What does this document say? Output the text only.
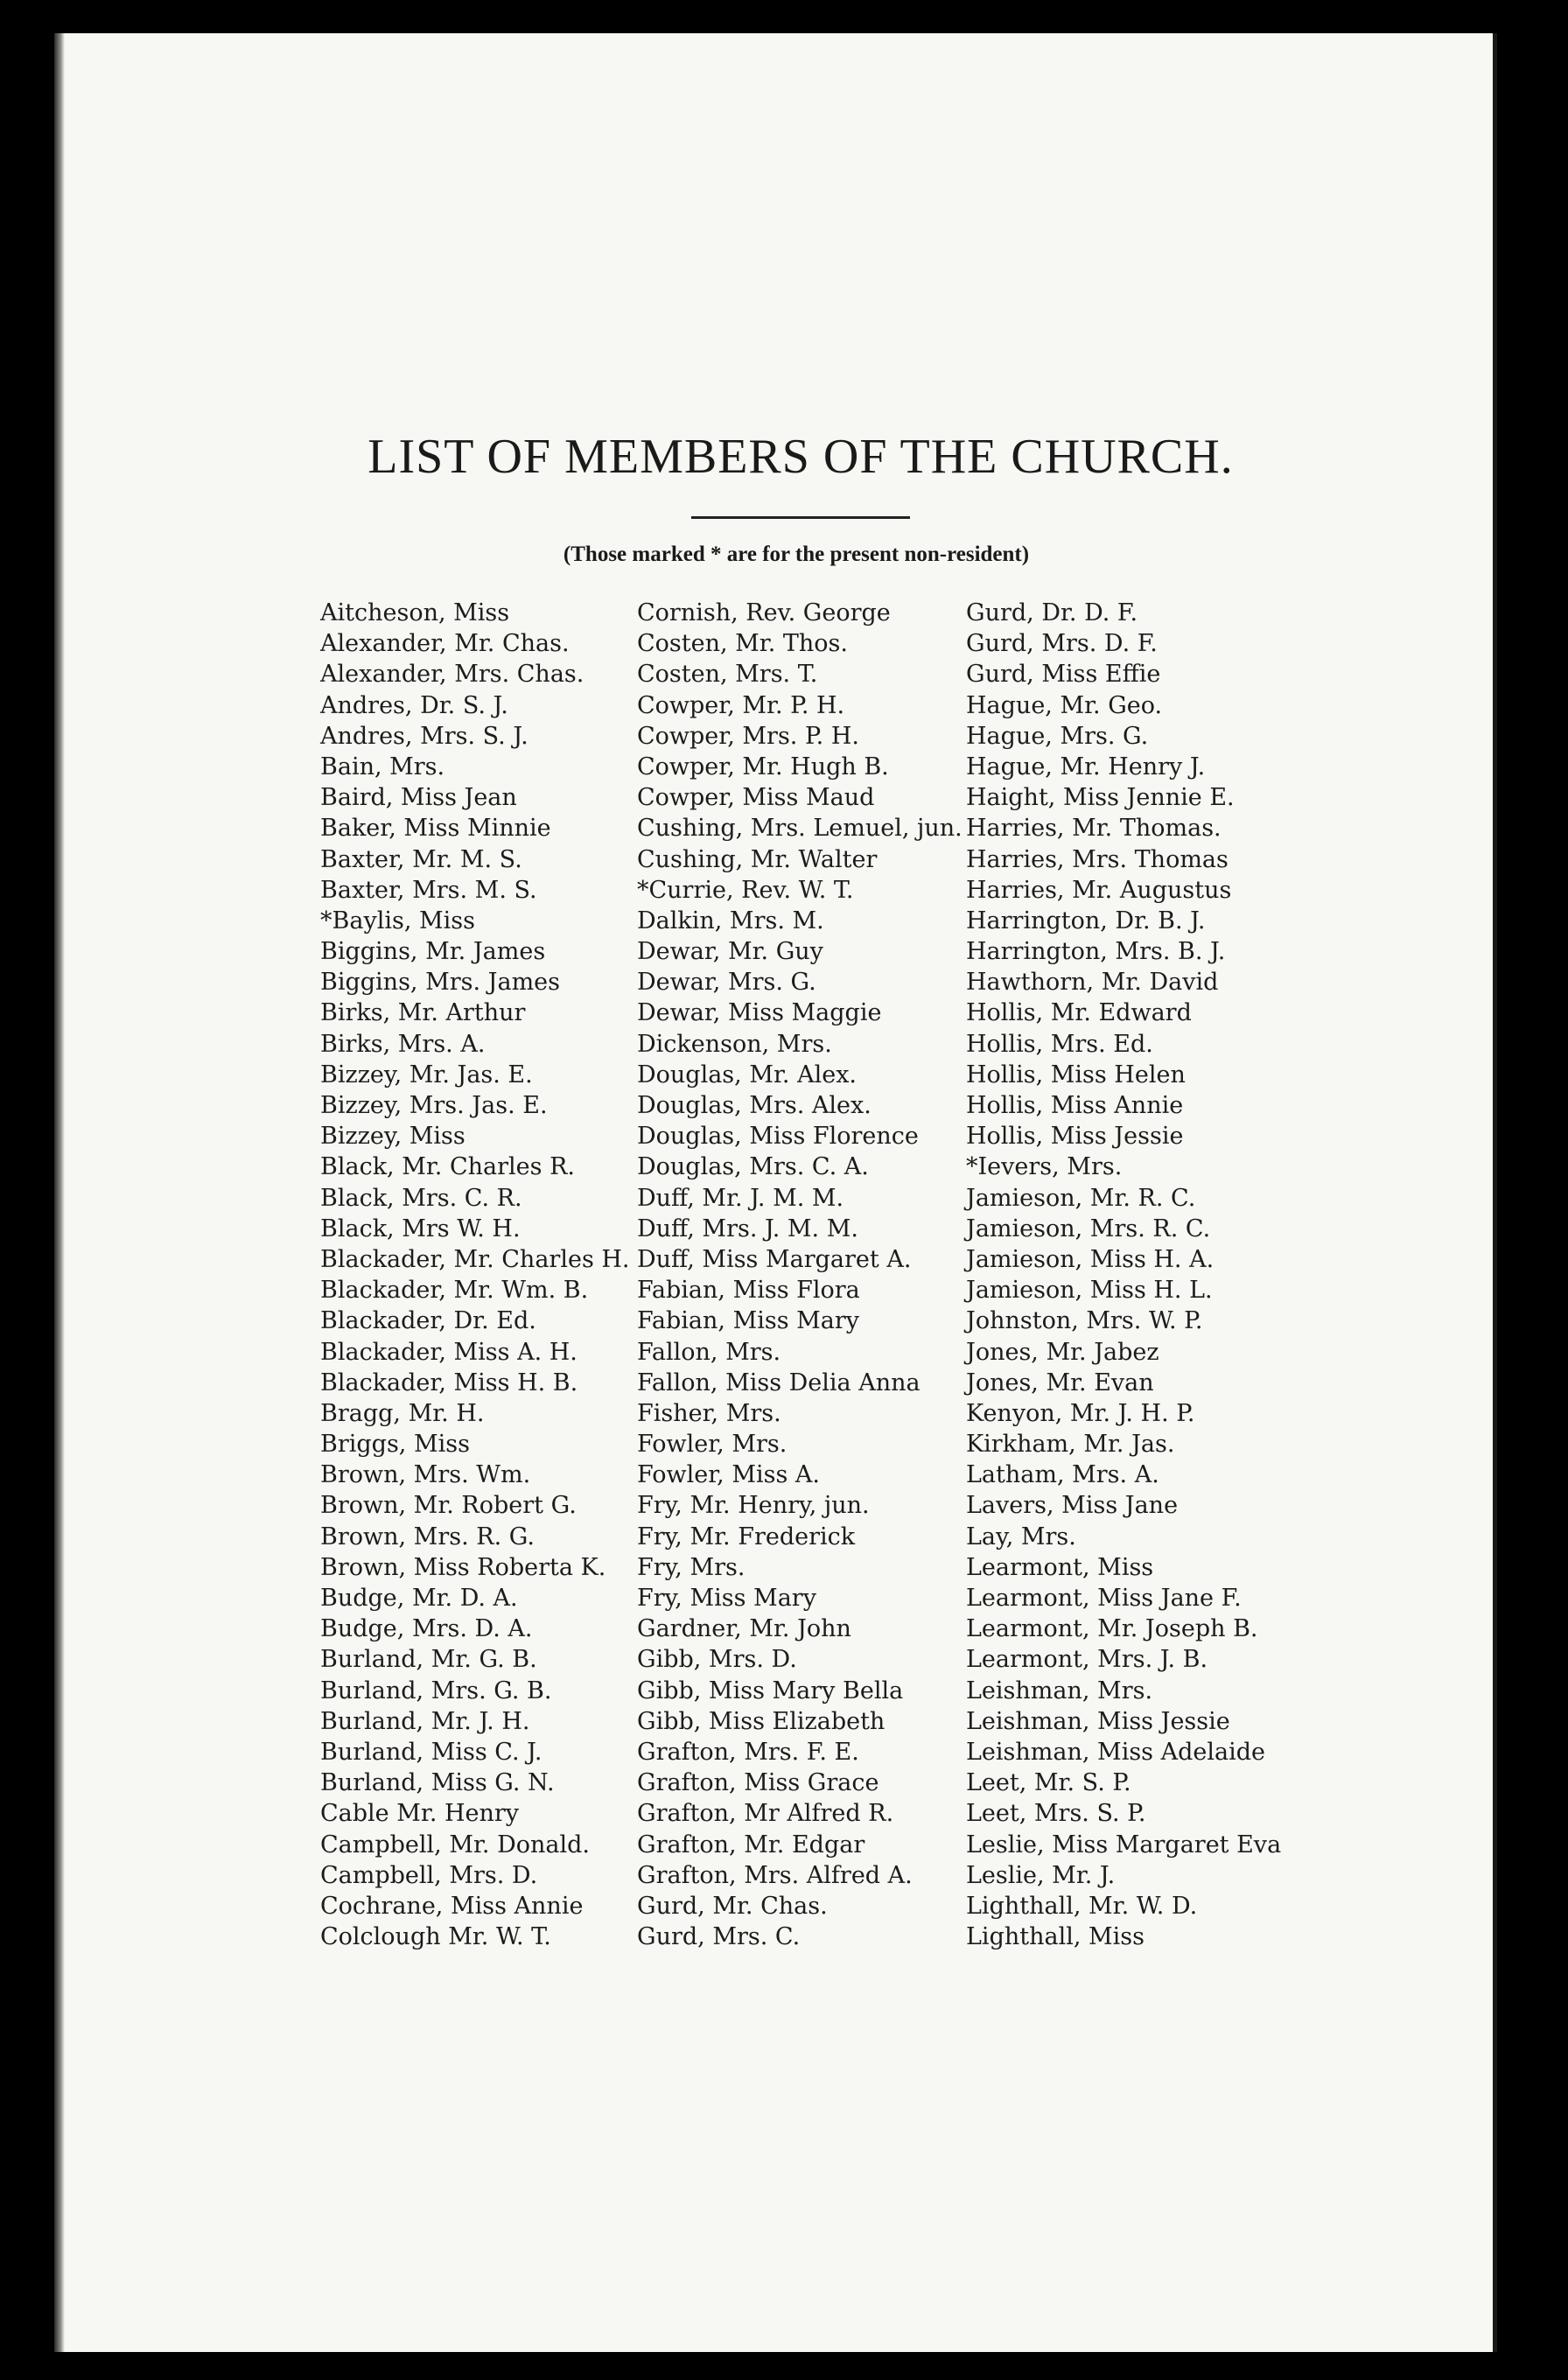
LIST OF MEMBERS OF THE CHURCH.
(Those marked * are for the present non-resident)
Aitcheson, Miss
Alexander, Mr. Chas.
Alexander, Mrs. Chas.
Andres, Dr. S. J.
Andres, Mrs. S. J.
Bain, Mrs.
Baird, Miss Jean
Baker, Miss Minnie
Baxter, Mr. M. S.
Baxter, Mrs. M. S.
*Baylis, Miss
Biggins, Mr. James
Biggins, Mrs. James
Birks, Mr. Arthur
Birks, Mrs. A.
Bizzey, Mr. Jas. E.
Bizzey, Mrs. Jas. E.
Bizzey, Miss
Black, Mr. Charles R.
Black, Mrs. C. R.
Black, Mrs W. H.
Blackader, Mr. Charles H.
Blackader, Mr. Wm. B.
Blackader, Dr. Ed.
Blackader, Miss A. H.
Blackader, Miss H. B.
Bragg, Mr. H.
Briggs, Miss
Brown, Mrs. Wm.
Brown, Mr. Robert G.
Brown, Mrs. R. G.
Brown, Miss Roberta K.
Budge, Mr. D. A.
Budge, Mrs. D. A.
Burland, Mr. G. B.
Burland, Mrs. G. B.
Burland, Mr. J. H.
Burland, Miss C. J.
Burland, Miss G. N.
Cable Mr. Henry
Campbell, Mr. Donald.
Campbell, Mrs. D.
Cochrane, Miss Annie
Colclough Mr. W. T.
Cornish, Rev. George
Costen, Mr. Thos.
Costen, Mrs. T.
Cowper, Mr. P. H.
Cowper, Mrs. P. H.
Cowper, Mr. Hugh B.
Cowper, Miss Maud
Cushing, Mrs. Lemuel, jun.
Cushing, Mr. Walter
*Currie, Rev. W. T.
Dalkin, Mrs. M.
Dewar, Mr. Guy
Dewar, Mrs. G.
Dewar, Miss Maggie
Dickenson, Mrs.
Douglas, Mr. Alex.
Douglas, Mrs. Alex.
Douglas, Miss Florence
Douglas, Mrs. C. A.
Duff, Mr. J. M. M.
Duff, Mrs. J. M. M.
Duff, Miss Margaret A.
Fabian, Miss Flora
Fabian, Miss Mary
Fallon, Mrs.
Fallon, Miss Delia Anna
Fisher, Mrs.
Fowler, Mrs.
Fowler, Miss A.
Fry, Mr. Henry, jun.
Fry, Mr. Frederick
Fry, Mrs.
Fry, Miss Mary
Gardner, Mr. John
Gibb, Mrs. D.
Gibb, Miss Mary Bella
Gibb, Miss Elizabeth
Grafton, Mrs. F. E.
Grafton, Miss Grace
Grafton, Mr Alfred R.
Grafton, Mr. Edgar
Grafton, Mrs. Alfred A.
Gurd, Mr. Chas.
Gurd, Mrs. C.
Gurd, Dr. D. F.
Gurd, Mrs. D. F.
Gurd, Miss Effie
Hague, Mr. Geo.
Hague, Mrs. G.
Hague, Mr. Henry J.
Haight, Miss Jennie E.
Harries, Mr. Thomas.
Harries, Mrs. Thomas
Harries, Mr. Augustus
Harrington, Dr. B. J.
Harrington, Mrs. B. J.
Hawthorn, Mr. David
Hollis, Mr. Edward
Hollis, Mrs. Ed.
Hollis, Miss Helen
Hollis, Miss Annie
Hollis, Miss Jessie
*Ievers, Mrs.
Jamieson, Mr. R. C.
Jamieson, Mrs. R. C.
Jamieson, Miss H. A.
Jamieson, Miss H. L.
Johnston, Mrs. W. P.
Jones, Mr. Jabez
Jones, Mr. Evan
Kenyon, Mr. J. H. P.
Kirkham, Mr. Jas.
Latham, Mrs. A.
Lavers, Miss Jane
Lay, Mrs.
Learmont, Miss
Learmont, Miss Jane F.
Learmont, Mr. Joseph B.
Learmont, Mrs. J. B.
Leishman, Mrs.
Leishman, Miss Jessie
Leishman, Miss Adelaide
Leet, Mr. S. P.
Leet, Mrs. S. P.
Leslie, Miss Margaret Eva
Leslie, Mr. J.
Lighthall, Mr. W. D.
Lighthall, Miss
